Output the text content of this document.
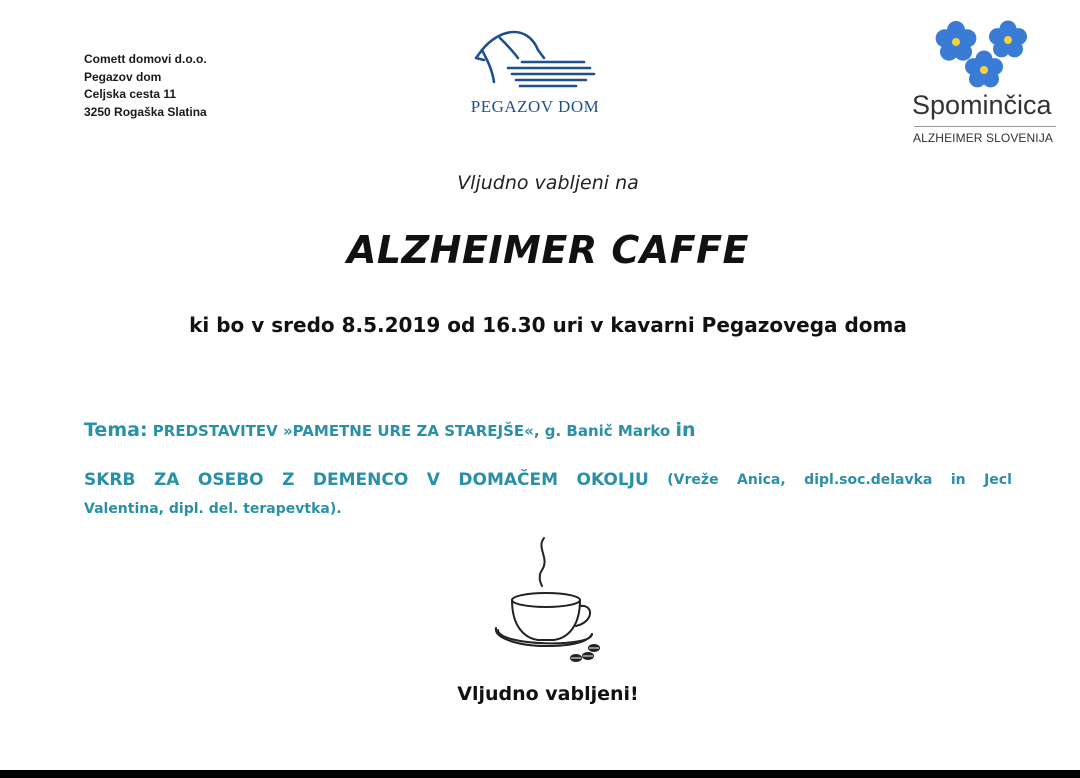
Comett domovi d.o.o.
Pegazov dom
Celjska cesta 11
3250 Rogaška Slatina	PEGAZOV DOM	Spominčica
ALZHEIMER SLOVENIJA
Vljudno vabljeni na
ALZHEIMER CAFFE
ki bo v sredo 8.5.2019 od 16.30 uri v kavarni Pegazovega doma
Tema: PREDSTAVITEV »PAMETNE URE ZA STAREJŠE«, g. Banič Marko in
SKRB ZA OSEBO Z DEMENCO V DOMAČEM OKOLJU (Vreže Anica, dipl.soc.delavka in Jecl
Valentina, dipl. del. terapevtka).
Vljudno vabljeni!
